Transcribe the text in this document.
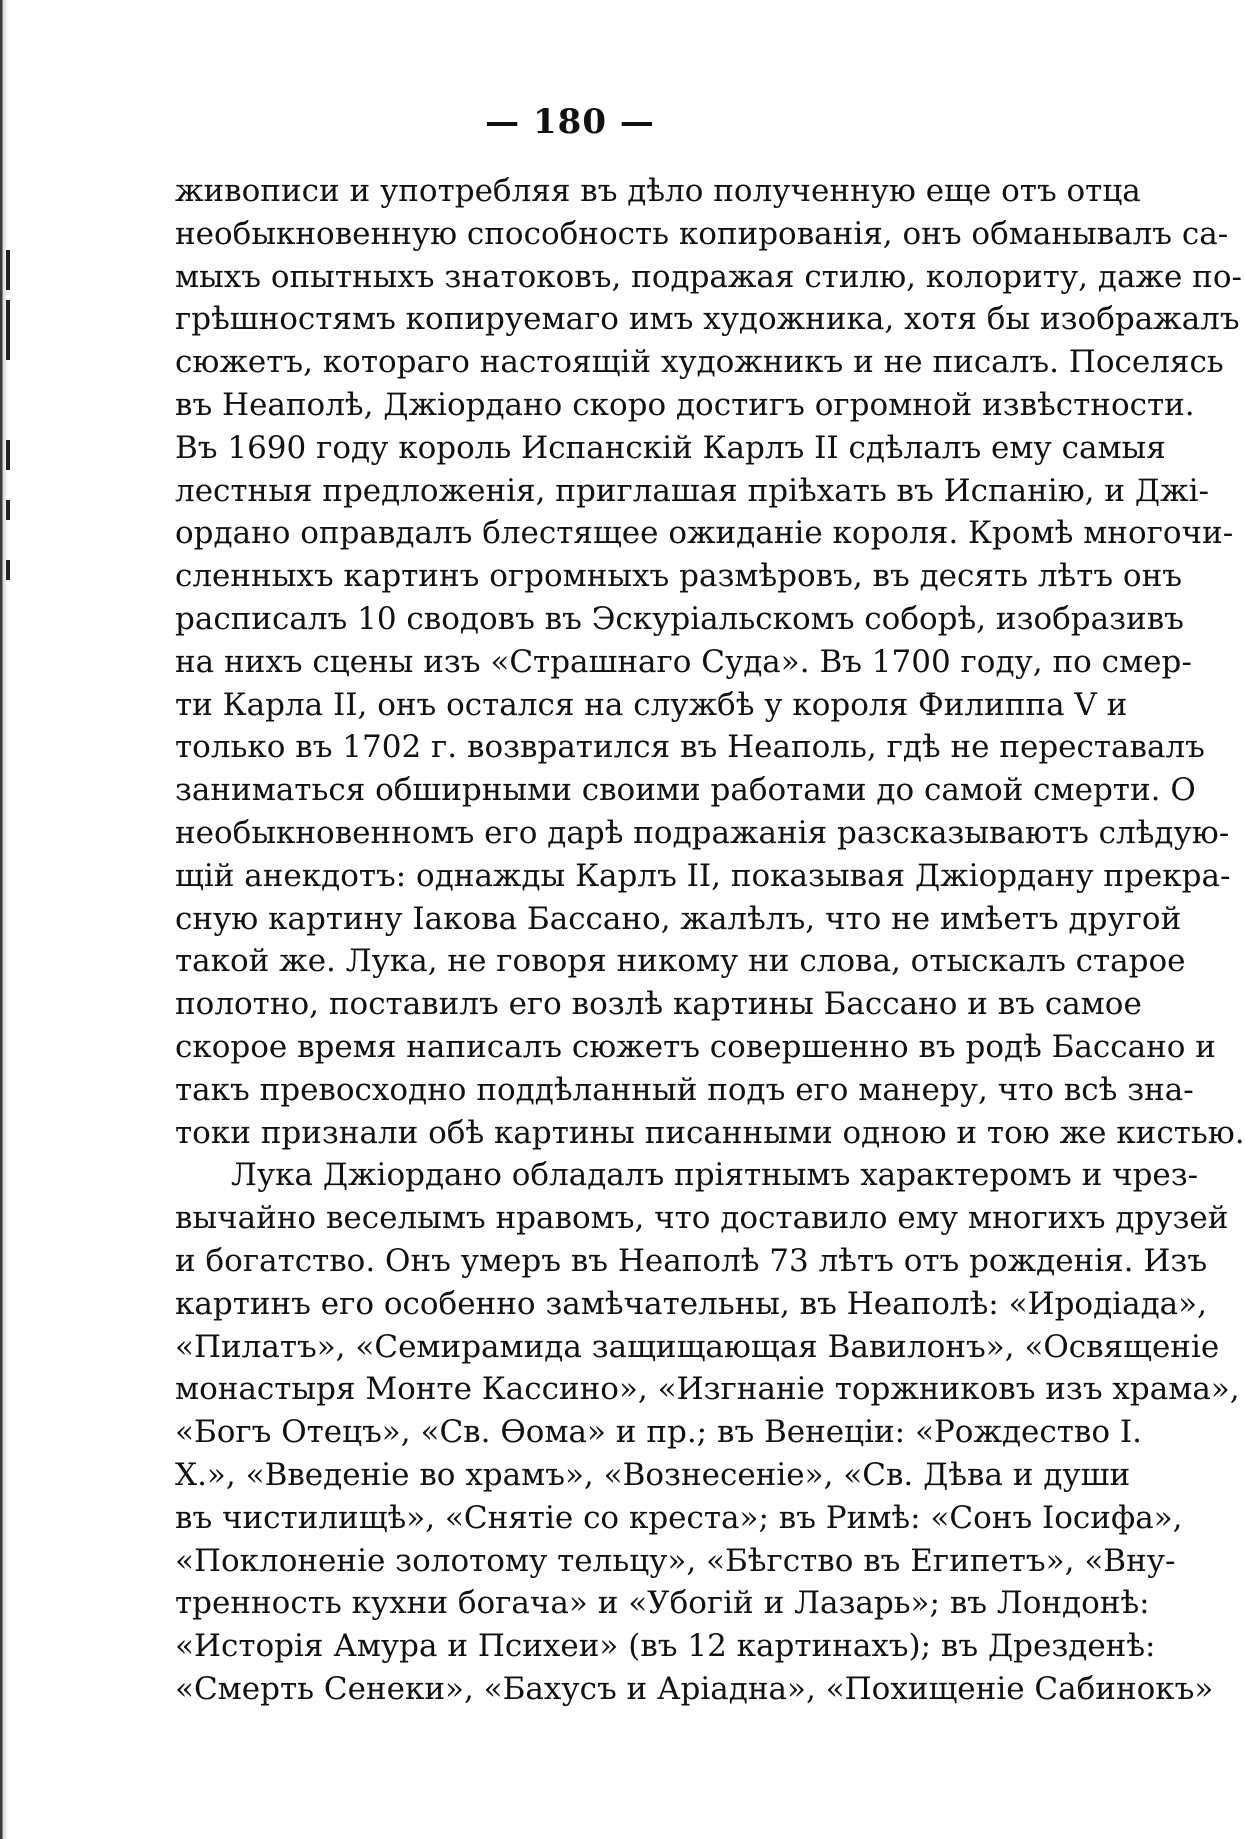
— 180 —
живописи и употребляя въ дѣло полученную еще отъ отца
необыкновенную способность копированія, онъ обманывалъ са-
мыхъ опытныхъ знатоковъ, подражая стилю, колориту, даже по-
грѣшностямъ копируемаго имъ художника, хотя бы изображалъ
сюжетъ, котораго настоящій художникъ и не писалъ. Поселясь
въ Неаполѣ, Джіордано скоро достигъ огромной извѣстности.
Въ 1690 году король Испанскій Карлъ II сдѣлалъ ему самыя
лестныя предложенія, приглашая пріѣхать въ Испанію, и Джі-
ордано оправдалъ блестящее ожиданіе короля. Кромѣ многочи-
сленныхъ картинъ огромныхъ размѣровъ, въ десять лѣтъ онъ
расписалъ 10 сводовъ въ Эскуріальскомъ соборѣ, изобразивъ
на нихъ сцены изъ «Страшнаго Суда». Въ 1700 году, по смер-
ти Карла II, онъ остался на службѣ у короля Филиппа V и
только въ 1702 г. возвратился въ Неаполь, гдѣ не переставалъ
заниматься обширными своими работами до самой смерти. О
необыкновенномъ его дарѣ подражанія разсказываютъ слѣдую-
щій анекдотъ: однажды Карлъ II, показывая Джіордану прекра-
сную картину Іакова Бассано, жалѣлъ, что не имѣетъ другой
такой же. Лука, не говоря никому ни слова, отыскалъ старое
полотно, поставилъ его возлѣ картины Бассано и въ самое
скорое время написалъ сюжетъ совершенно въ родѣ Бассано и
такъ превосходно поддѣланный подъ его манеру, что всѣ зна-
токи признали обѣ картины писанными одною и тою же кистью.
Лука Джіордано обладалъ пріятнымъ характеромъ и чрез-
вычайно веселымъ нравомъ, что доставило ему многихъ друзей
и богатство. Онъ умеръ въ Неаполѣ 73 лѣтъ отъ рожденія. Изъ
картинъ его особенно замѣчательны, въ Неаполѣ: «Иродіада»,
«Пилатъ», «Семирамида защищающая Вавилонъ», «Освященіе
монастыря Монте Кассино», «Изгнаніе торжниковъ изъ храма»,
«Богъ Отецъ», «Св. Ѳома» и пр.; въ Венеціи: «Рождество І.
Х.», «Введеніе во храмъ», «Вознесеніе», «Св. Дѣва и души
въ чистилищѣ», «Снятіе со креста»; въ Римѣ: «Сонъ Іосифа»,
«Поклоненіе золотому тельцу», «Бѣгство въ Египетъ», «Вну-
тренность кухни богача» и «Убогій и Лазарь»; въ Лондонѣ:
«Исторія Амура и Психеи» (въ 12 картинахъ); въ Дрезденѣ:
«Смерть Сенеки», «Бахусъ и Аріадна», «Похищеніе Сабинокъ»
